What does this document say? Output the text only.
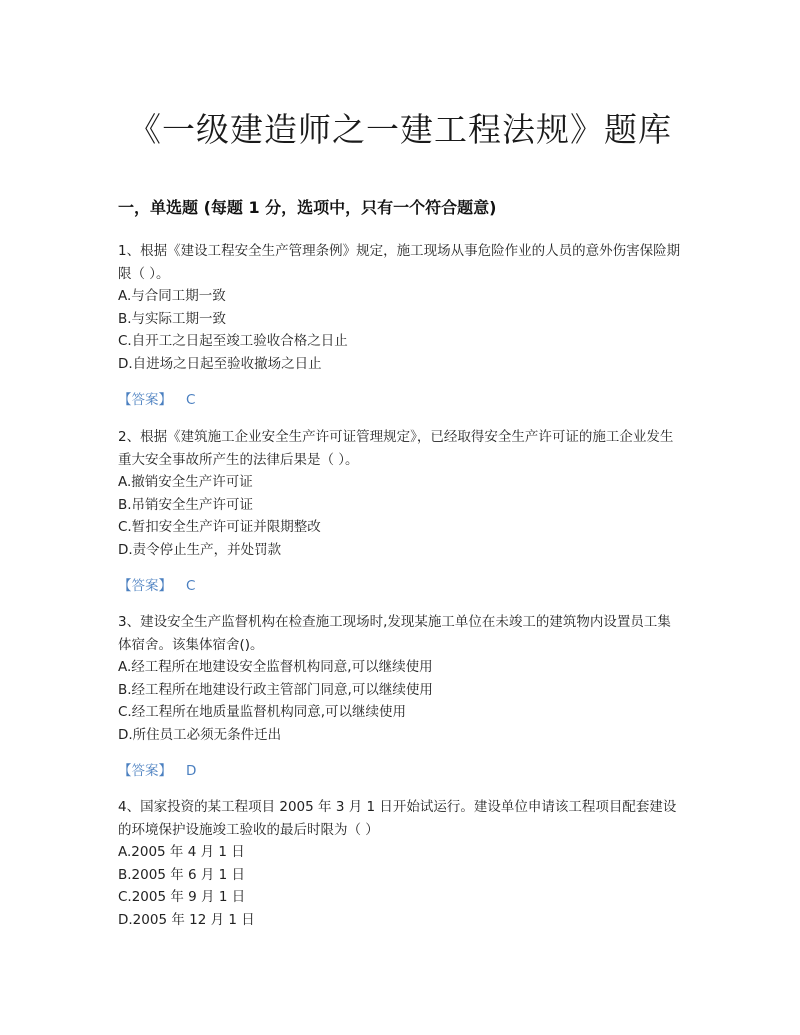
《一级建造师之一建工程法规》题库
一，单选题 (每题 1 分，选项中，只有一个符合题意)

1、根据《建设工程安全生产管理条例》规定，施工现场从事危险作业的人员的意外伤害保险期限（ ）。

A.与合同工期一致

B.与实际工期一致

C.自开工之日起至竣工验收合格之日止

D.自进场之日起至验收撤场之日止

【答案】 C

2、根据《建筑施工企业安全生产许可证管理规定》，已经取得安全生产许可证的施工企业发生重大安全事故所产生的法律后果是（ ）。

A.撤销安全生产许可证

B.吊销安全生产许可证

C.暂扣安全生产许可证并限期整改

D.责令停止生产，并处罚款

【答案】 C

3、建设安全生产监督机构在检查施工现场时,发现某施工单位在未竣工的建筑物内设置员工集体宿舍。该集体宿舍()。

A.经工程所在地建设安全监督机构同意,可以继续使用

B.经工程所在地建设行政主管部门同意,可以继续使用

C.经工程所在地质量监督机构同意,可以继续使用

D.所住员工必须无条件迁出

【答案】 D

4、国家投资的某工程项目 2005 年 3 月 1 日开始试运行。建设单位申请该工程项目配套建设的环境保护设施竣工验收的最后时限为（ ）

A.2005 年 4 月 1 日

B.2005 年 6 月 1 日

C.2005 年 9 月 1 日

D.2005 年 12 月 1 日
